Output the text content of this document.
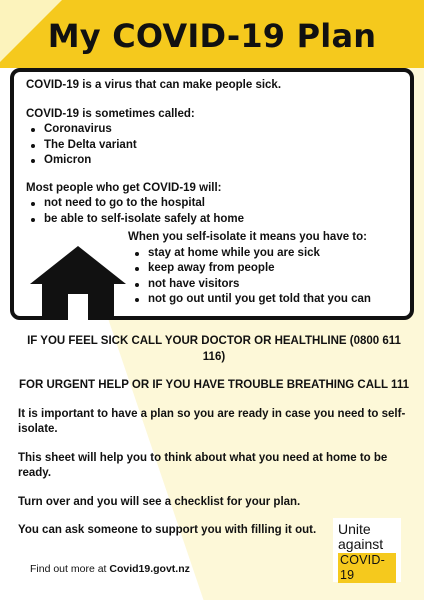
My COVID-19 Plan

COVID-19 is a virus that can make people sick.

COVID-19 is sometimes called:

Coronavirus
The Delta variant
Omicron

Most people who get COVID-19 will:

not need to go to the hospital
be able to self-isolate safely at home

When you self-isolate it means you have to:

stay at home while you are sick
keep away from people
not have visitors
not go out until you get told that you can

IF YOU FEEL SICK CALL YOUR DOCTOR OR HEALTHLINE (0800 611 116)

FOR URGENT HELP OR IF YOU HAVE TROUBLE BREATHING CALL 111

It is important to have a plan so you are ready in case you need to self-isolate.

This sheet will help you to think about what you need at home to be ready.

Turn over and you will see a checklist for your plan.

You can ask someone to support you with filling it out.

Find out more at Covid19.govt.nz
Unite
against
COVID-19
